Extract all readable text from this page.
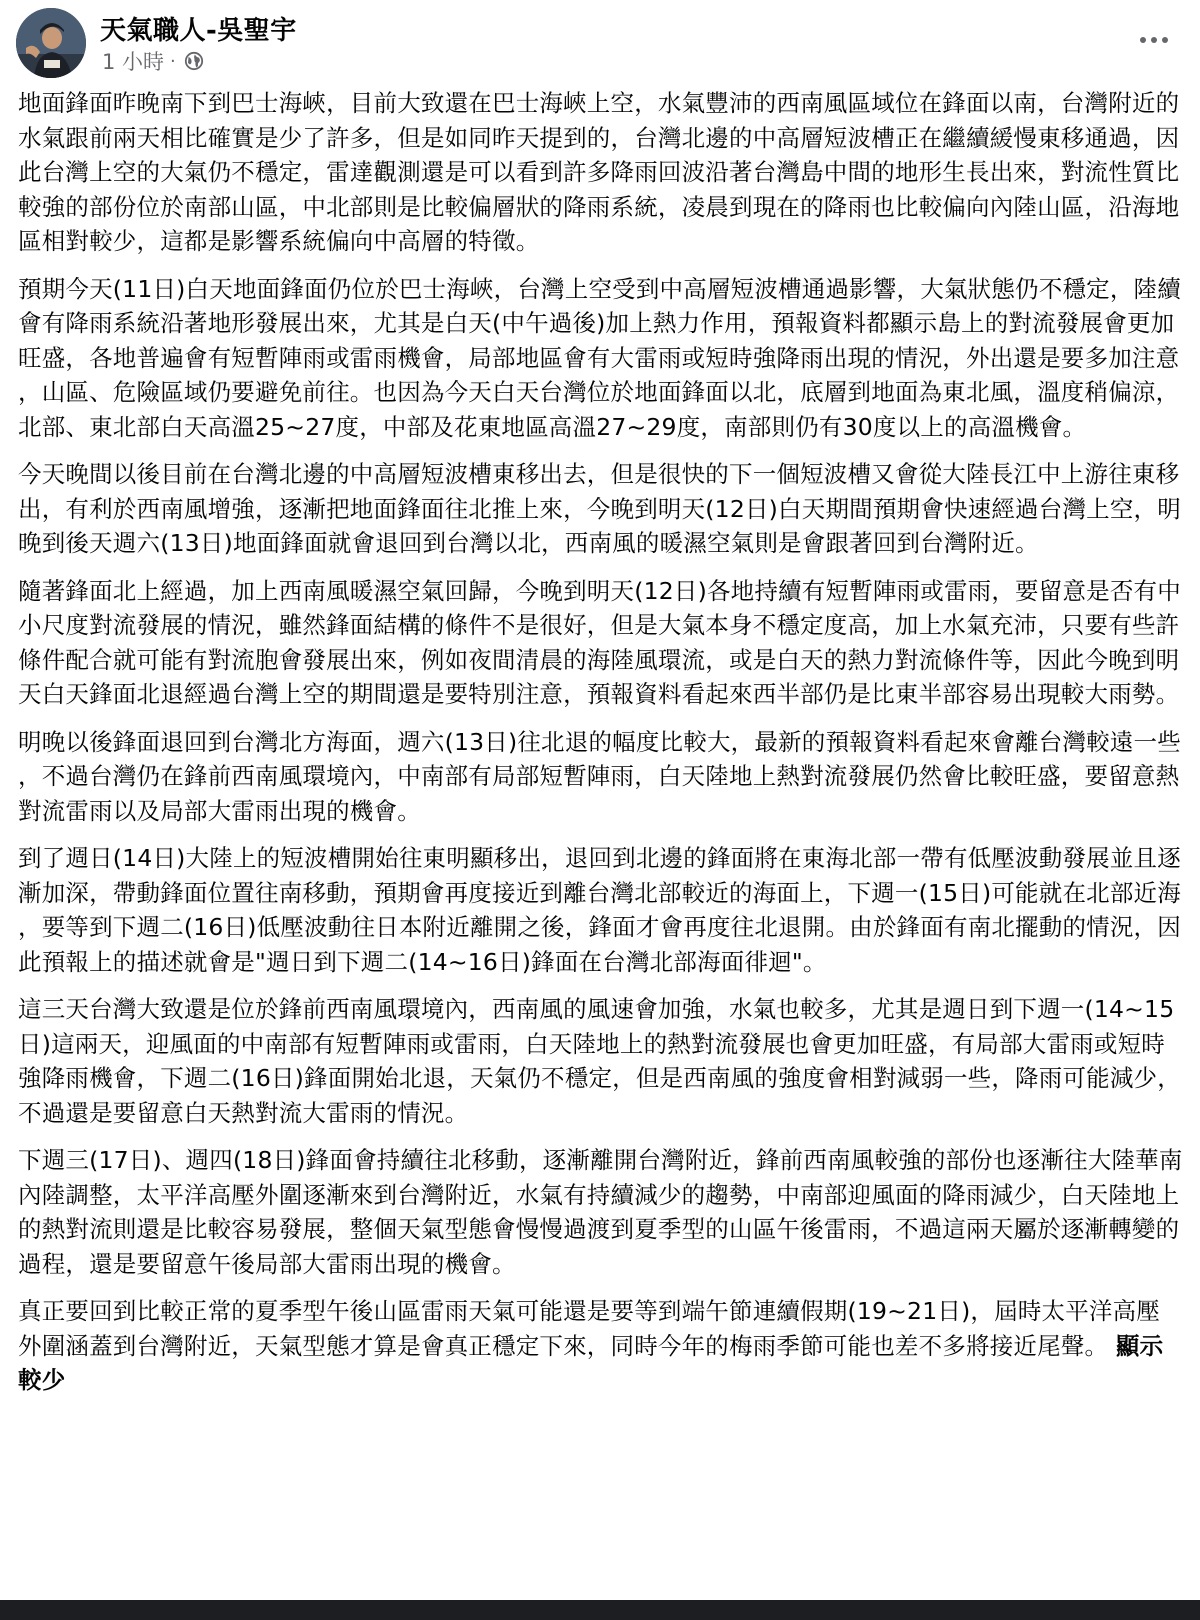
天氣職人-吳聖宇
1 小時 ·

地面鋒面昨晚南下到巴士海峽，目前大致還在巴士海峽上空，水氣豐沛的西南風區域位在鋒面以南，台灣附近的水氣跟前兩天相比確實是少了許多，但是如同昨天提到的，台灣北邊的中高層短波槽正在繼續緩慢東移通過，因此台灣上空的大氣仍不穩定，雷達觀測還是可以看到許多降雨回波沿著台灣島中間的地形生長出來，對流性質比較強的部份位於南部山區，中北部則是比較偏層狀的降雨系統，凌晨到現在的降雨也比較偏向內陸山區，沿海地區相對較少，這都是影響系統偏向中高層的特徵。

預期今天(11日)白天地面鋒面仍位於巴士海峽，台灣上空受到中高層短波槽通過影響，大氣狀態仍不穩定，陸續會有降雨系統沿著地形發展出來，尤其是白天(中午過後)加上熱力作用，預報資料都顯示島上的對流發展會更加旺盛，各地普遍會有短暫陣雨或雷雨機會，局部地區會有大雷雨或短時強降雨出現的情況，外出還是要多加注意，山區、危險區域仍要避免前往。也因為今天白天台灣位於地面鋒面以北，底層到地面為東北風，溫度稍偏涼，北部、東北部白天高溫25~27度，中部及花東地區高溫27~29度，南部則仍有30度以上的高溫機會。

今天晚間以後目前在台灣北邊的中高層短波槽東移出去，但是很快的下一個短波槽又會從大陸長江中上游往東移出，有利於西南風增強，逐漸把地面鋒面往北推上來，今晚到明天(12日)白天期間預期會快速經過台灣上空，明晚到後天週六(13日)地面鋒面就會退回到台灣以北，西南風的暖濕空氣則是會跟著回到台灣附近。

隨著鋒面北上經過，加上西南風暖濕空氣回歸，今晚到明天(12日)各地持續有短暫陣雨或雷雨，要留意是否有中小尺度對流發展的情況，雖然鋒面結構的條件不是很好，但是大氣本身不穩定度高，加上水氣充沛，只要有些許條件配合就可能有對流胞會發展出來，例如夜間清晨的海陸風環流，或是白天的熱力對流條件等，因此今晚到明天白天鋒面北退經過台灣上空的期間還是要特別注意，預報資料看起來西半部仍是比東半部容易出現較大雨勢。

明晚以後鋒面退回到台灣北方海面，週六(13日)往北退的幅度比較大，最新的預報資料看起來會離台灣較遠一些，不過台灣仍在鋒前西南風環境內，中南部有局部短暫陣雨，白天陸地上熱對流發展仍然會比較旺盛，要留意熱對流雷雨以及局部大雷雨出現的機會。

到了週日(14日)大陸上的短波槽開始往東明顯移出，退回到北邊的鋒面將在東海北部一帶有低壓波動發展並且逐漸加深，帶動鋒面位置往南移動，預期會再度接近到離台灣北部較近的海面上，下週一(15日)可能就在北部近海，要等到下週二(16日)低壓波動往日本附近離開之後，鋒面才會再度往北退開。由於鋒面有南北擺動的情況，因此預報上的描述就會是"週日到下週二(14~16日)鋒面在台灣北部海面徘迴"。

這三天台灣大致還是位於鋒前西南風環境內，西南風的風速會加強，水氣也較多，尤其是週日到下週一(14~15日)這兩天，迎風面的中南部有短暫陣雨或雷雨，白天陸地上的熱對流發展也會更加旺盛，有局部大雷雨或短時強降雨機會，下週二(16日)鋒面開始北退，天氣仍不穩定，但是西南風的強度會相對減弱一些，降雨可能減少，不過還是要留意白天熱對流大雷雨的情況。

下週三(17日)、週四(18日)鋒面會持續往北移動，逐漸離開台灣附近，鋒前西南風較強的部份也逐漸往大陸華南內陸調整，太平洋高壓外圍逐漸來到台灣附近，水氣有持續減少的趨勢，中南部迎風面的降雨減少，白天陸地上的熱對流則還是比較容易發展，整個天氣型態會慢慢過渡到夏季型的山區午後雷雨，不過這兩天屬於逐漸轉變的過程，還是要留意午後局部大雷雨出現的機會。

真正要回到比較正常的夏季型午後山區雷雨天氣可能還是要等到端午節連續假期(19~21日)，屆時太平洋高壓外圍涵蓋到台灣附近，天氣型態才算是會真正穩定下來，同時今年的梅雨季節可能也差不多將接近尾聲。 顯示較少
